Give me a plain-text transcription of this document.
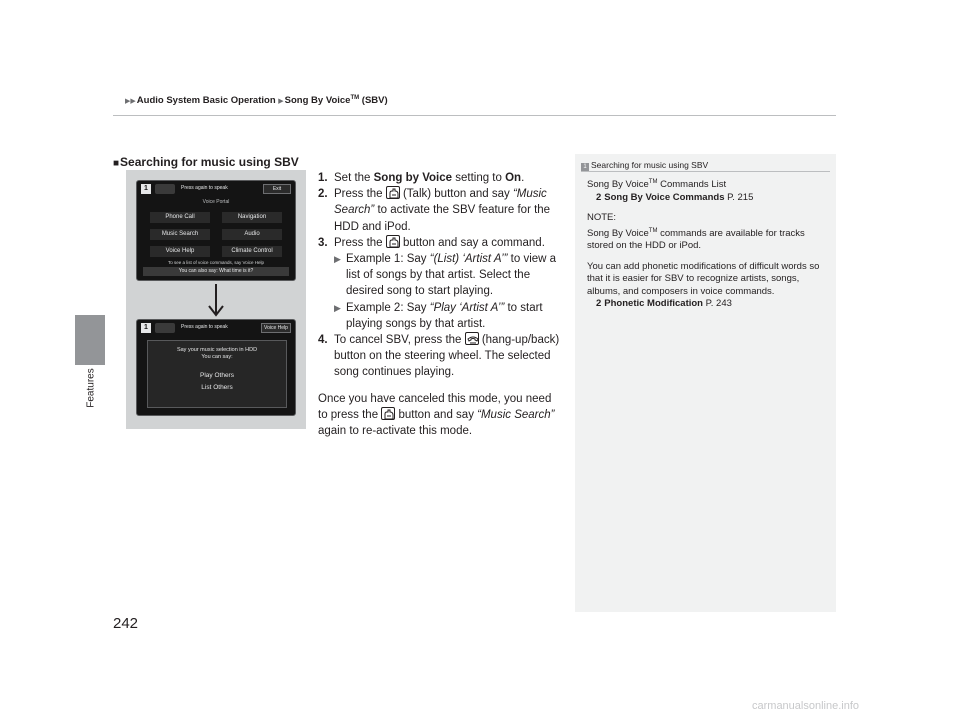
▶▶Audio System Basic Operation ▶Song By Voice™ (SBV)
Features
■Searching for music using SBV
1	Press again to speak	Exit
Voice Portal
Phone Call	Navigation
Music Search	Audio
Voice Help	Climate Control
To see a list of voice commands, say Voice Help
You can also say: What time is it?
1	Press again to speak	Voice Help
Say your music selection in HDD
You can say:
Play Others
List Others
1. Set the Song by Voice setting to On.
2. Press the
(Talk) button and say “Music Search” to activate the SBV feature for the HDD and iPod.
3. Press the
button and say a command.
▶ Example 1: Say “(List) ‘Artist A’” to view a list of songs by that artist. Select the desired song to start playing.
▶ Example 2: Say “Play ‘Artist A’” to start playing songs by that artist.
4. To cancel SBV, press the
(hang-up/back) button on the steering wheel. The selected song continues playing.
Once you have canceled this mode, you need to press the
button and say “Music Search” again to re-activate this mode.
1 Searching for music using SBV

Song By Voice™ Commands List

2 Song By Voice Commands P. 215

NOTE:

Song By Voice™ commands are available for tracks stored on the HDD or iPod.

You can add phonetic modifications of difficult words so that it is easier for SBV to recognize artists, songs, albums, and composers in voice commands.

2 Phonetic Modification P. 243

242
carmanualsonline.info
